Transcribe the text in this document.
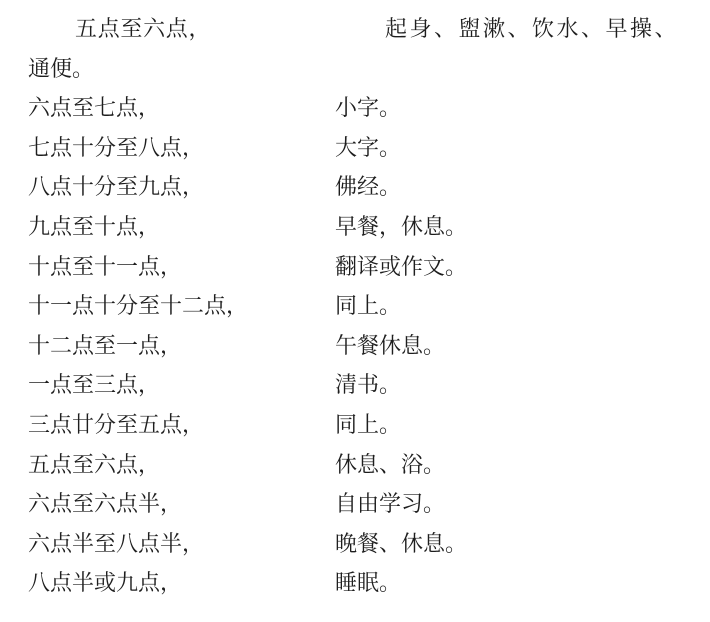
五点至六点，	起身、盥漱、饮水、早操、
通便。
六点至七点，	小字。
七点十分至八点，	大字。
八点十分至九点，	佛经。
九点至十点，	早餐，休息。
十点至十一点，	翻译或作文。
十一点十分至十二点，	同上。
十二点至一点，	午餐休息。
一点至三点，	清书。
三点廿分至五点，	同上。
五点至六点，	休息、浴。
六点至六点半，	自由学习。
六点半至八点半，	晚餐、休息。
八点半或九点，	睡眠。
